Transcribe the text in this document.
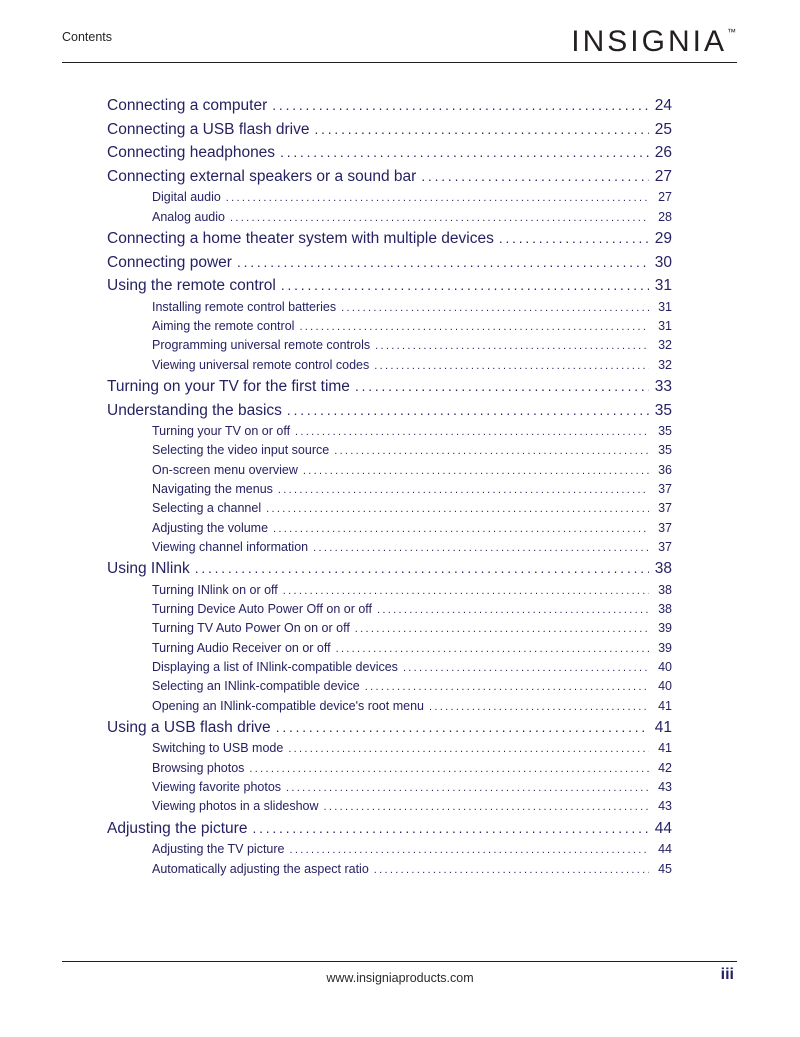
Contents	INSIGNIA™
Connecting a computer .....	24
Connecting a USB flash drive .....	25
Connecting headphones .....	26
Connecting external speakers or a sound bar .....	27
Digital audio .....	27
Analog audio .....	28
Connecting a home theater system with multiple devices .....	29
Connecting power .....	30
Using the remote control .....	31
Installing remote control batteries .....	31
Aiming the remote control .....	31
Programming universal remote controls .....	32
Viewing universal remote control codes .....	32
Turning on your TV for the first time .....	33
Understanding the basics .....	35
Turning your TV on or off .....	35
Selecting the video input source .....	35
On-screen menu overview .....	36
Navigating the menus .....	37
Selecting a channel .....	37
Adjusting the volume .....	37
Viewing channel information .....	37
Using INlink .....	38
Turning INlink on or off .....	38
Turning Device Auto Power Off on or off .....	38
Turning TV Auto Power On on or off .....	39
Turning Audio Receiver on or off .....	39
Displaying a list of INlink-compatible devices .....	40
Selecting an INlink-compatible device .....	40
Opening an INlink-compatible device's root menu .....	41
Using a USB flash drive .....	41
Switching to USB mode .....	41
Browsing photos .....	42
Viewing favorite photos .....	43
Viewing photos in a slideshow .....	43
Adjusting the picture .....	44
Adjusting the TV picture .....	44
Automatically adjusting the aspect ratio .....	45
www.insigniaproducts.com	iii
